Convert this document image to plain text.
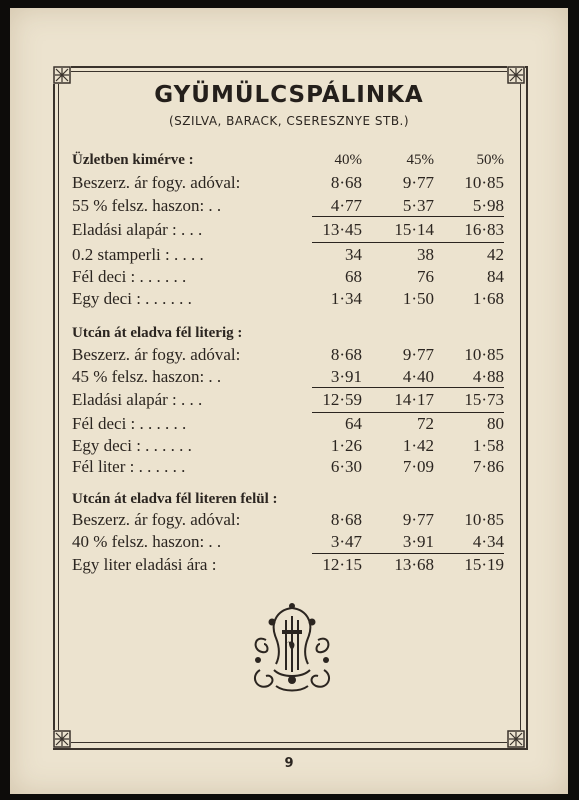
GYÜMÜLCSPÁLINKA
(SZILVA, BARACK, CSERESZNYE STB.)
Üzletben kimérve :	40%	45%	50%
Beszerz. ár fogy. adóval:	8·68	9·77	10·85
55 % felsz. haszon: . .	4·77	5·37	5·98
Eladási alapár : . . .	13·45	15·14	16·83
0.2 stamperli : . . . .	34	38	42
Fél deci : . . . . . .	68	76	84
Egy deci : . . . . . .	1·34	1·50	1·68
Utcán át eladva fél literig :
Beszerz. ár fogy. adóval:	8·68	9·77	10·85
45 % felsz. haszon: . .	3·91	4·40	4·88
Eladási alapár : . . .	12·59	14·17	15·73
Fél deci : . . . . . .	64	72	80
Egy deci : . . . . . .	1·26	1·42	1·58
Fél liter : . . . . . .	6·30	7·09	7·86
Utcán át eladva fél literen felül :
Beszerz. ár fogy. adóval:	8·68	9·77	10·85
40 % felsz. haszon: . .	3·47	3·91	4·34
Egy liter eladási ára :	12·15	13·68	15·19
9
